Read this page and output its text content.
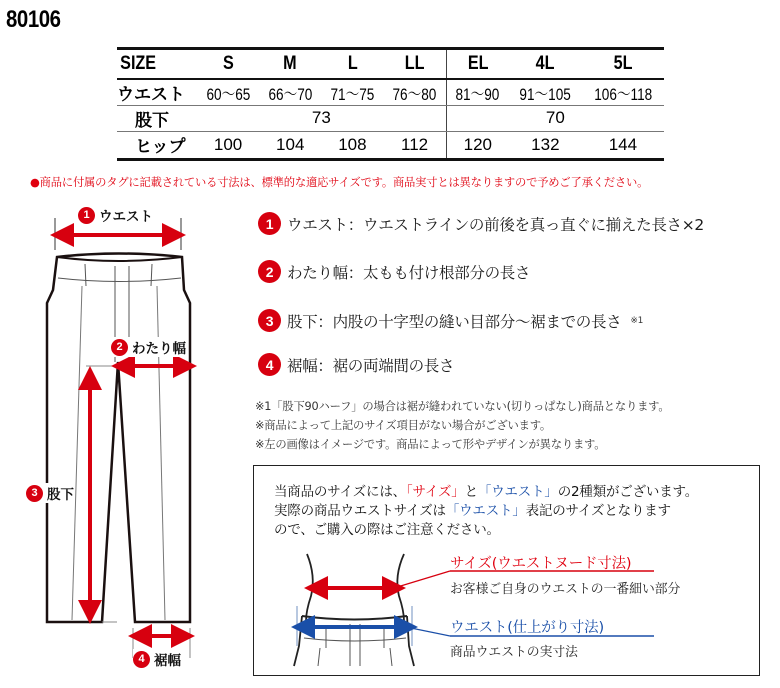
80106
SIZE	S	M	L	LL	EL	4L	5L
ウエスト	60～65	66～70	71～75	76～80	81～90	91～105	106～118
股下	73				70		
ヒップ	100	104	108	112	120	132	144
●商品に付属のタグに記載されている寸法は、標準的な適応サイズです。商品実寸とは異なりますので予めご了承ください。
1 ウエスト
2 わたり幅
3 股下
4 裾幅
1 ウエスト：ウエストラインの前後を真っ直ぐに揃えた長さ×2
2 わたり幅：太もも付け根部分の長さ
3 股下：内股の十字型の縫い目部分～裾までの長さ ※1
4 裾幅：裾の両端間の長さ
※1「股下90ハーフ」の場合は裾が縫われていない(切りっぱなし)商品となります。
※商品によって上記のサイズ項目がない場合がございます。
※左の画像はイメージです。商品によって形やデザインが異なります。
当商品のサイズには、「サイズ」と「ウエスト」の2種類がございます。
実際の商品ウエストサイズは「ウエスト」表記のサイズとなります
ので、ご購入の際はご注意ください。
サイズ(ウエストヌード寸法)
お客様ご自身のウエストの一番細い部分
ウエスト(仕上がり寸法)
商品ウエストの実寸法
